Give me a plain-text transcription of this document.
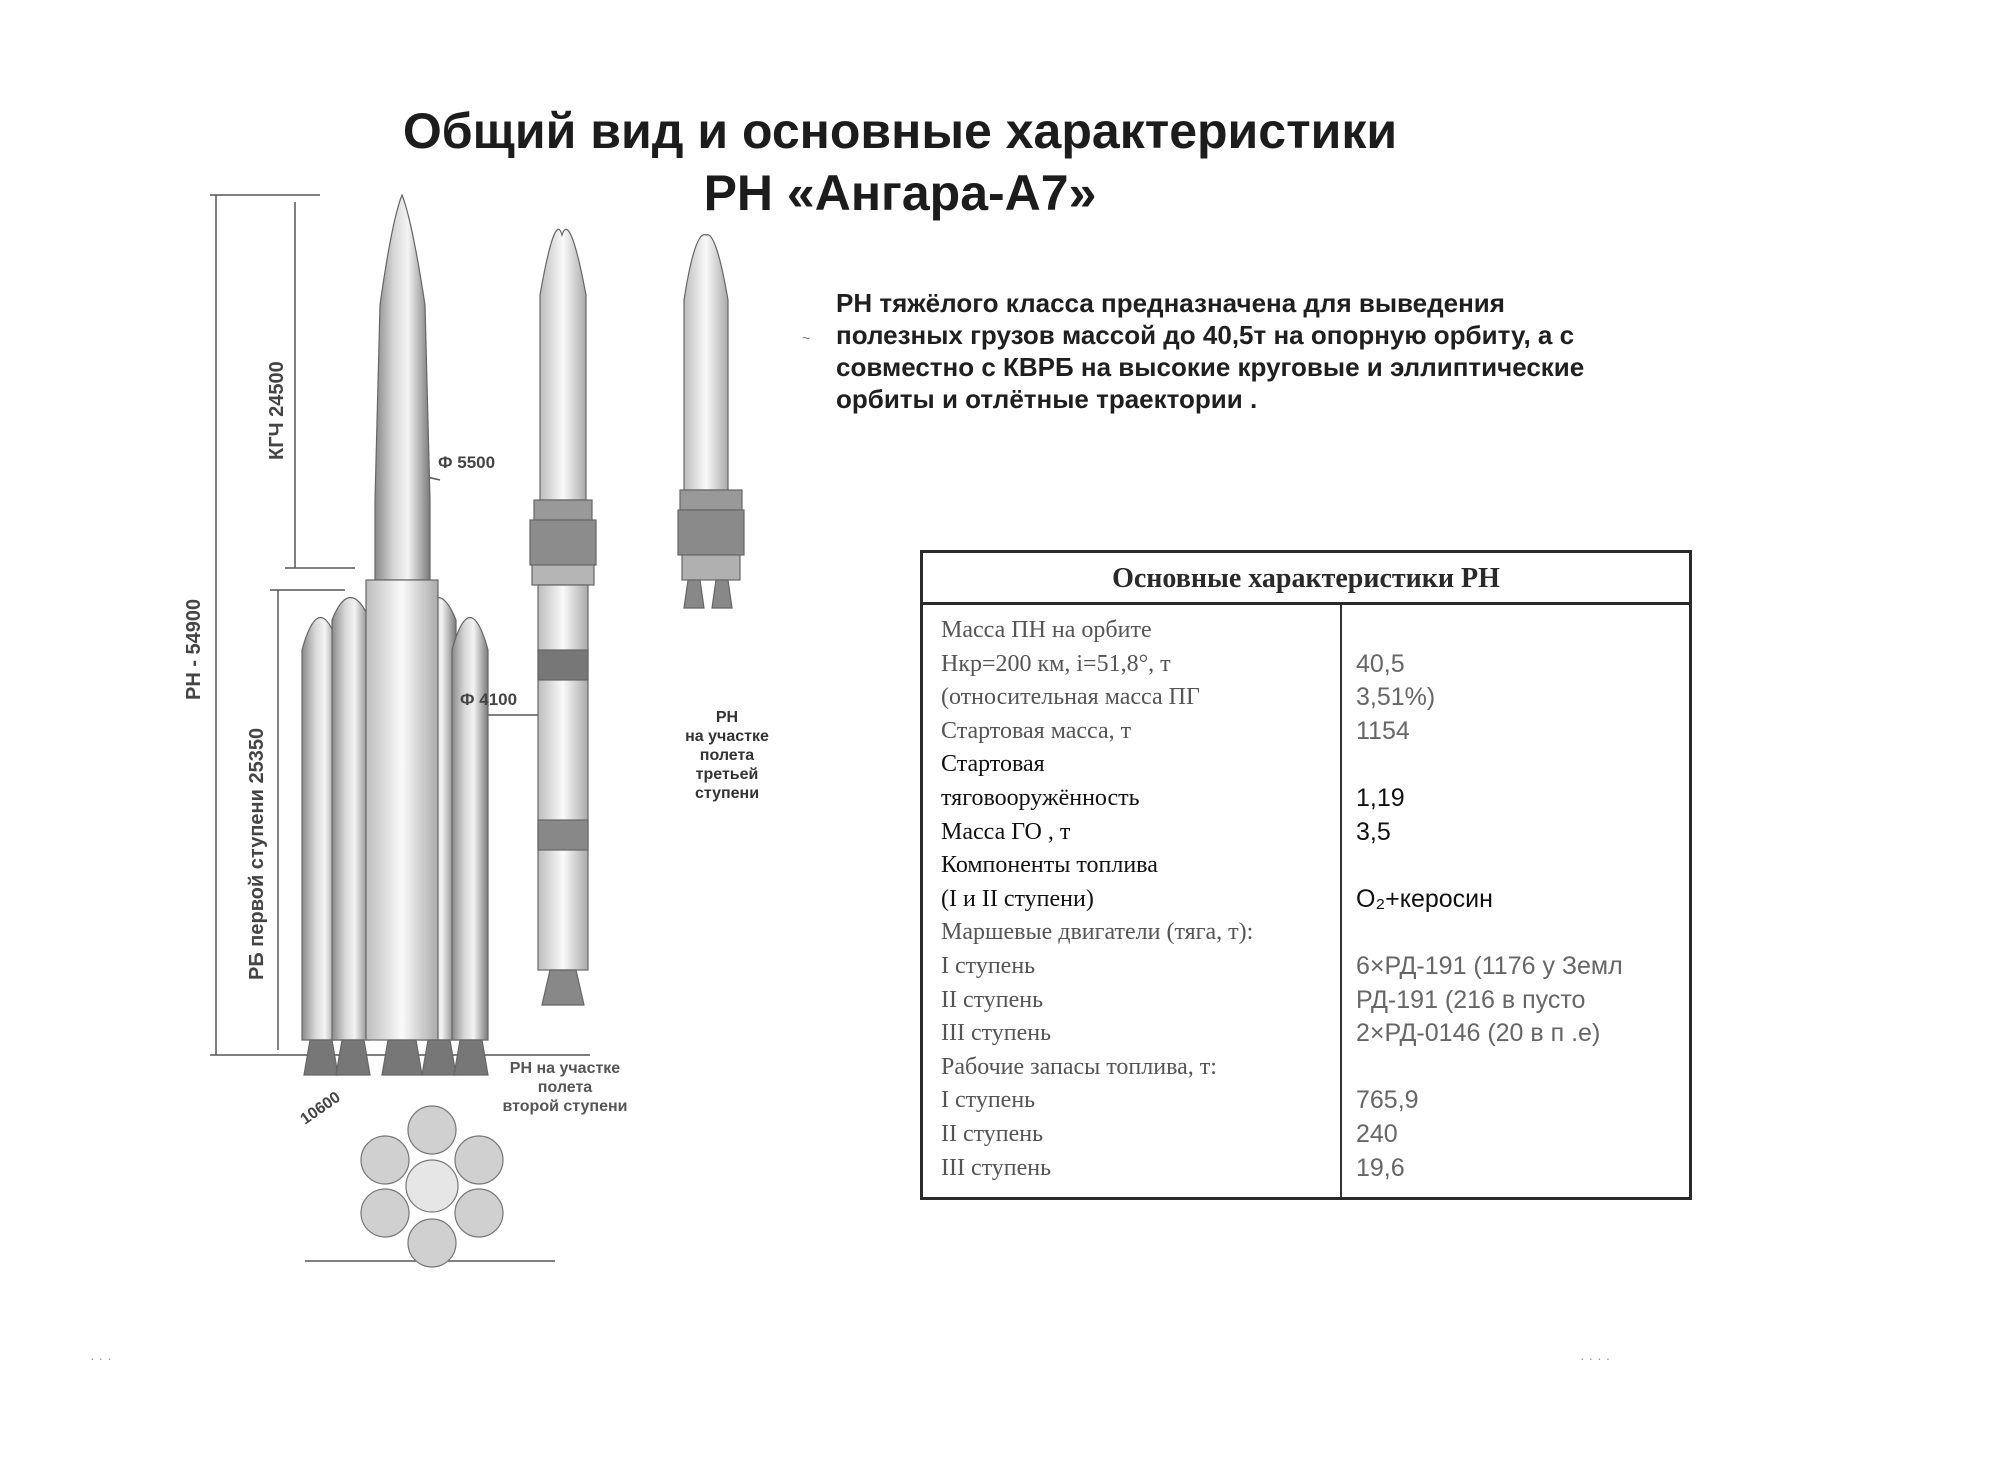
Общий вид и основные характеристики
РН «Ангара-А7»
~
РН тяжёлого класса предназначена для выведения
полезных грузов массой до 40,5т на опорную орбиту, а с
совместно с КВРБ на высокие круговые и эллиптические
орбиты и отлётные траектории .
РН - 54900
КГЧ 24500
РБ первой ступени 25350
Ф 5500
Ф 4100
10600
РН на участке
полета
второй ступени
РН
на участке
полета
третьей
ступени
Основные характеристики РН
Масса ПН на орбите
Нкр=200 км, i=51,8°, т	40,5
(относительная масса ПГ	3,51%)
Стартовая масса, т	1154
Стартовая
тяговооружённость	1,19
Масса ГО , т	3,5
Компоненты топлива
(I и II ступени)	O₂+керосин
Маршевые двигатели (тяга, т):
I ступень	6×РД-191 (1176 у Земл
II ступень	РД-191 (216 в пусто
III ступень	2×РД-0146 (20 в п .е)
Рабочие запасы топлива, т:
I ступень	765,9
II ступень	240
III ступень	19,6
· · ·	· · · ·
